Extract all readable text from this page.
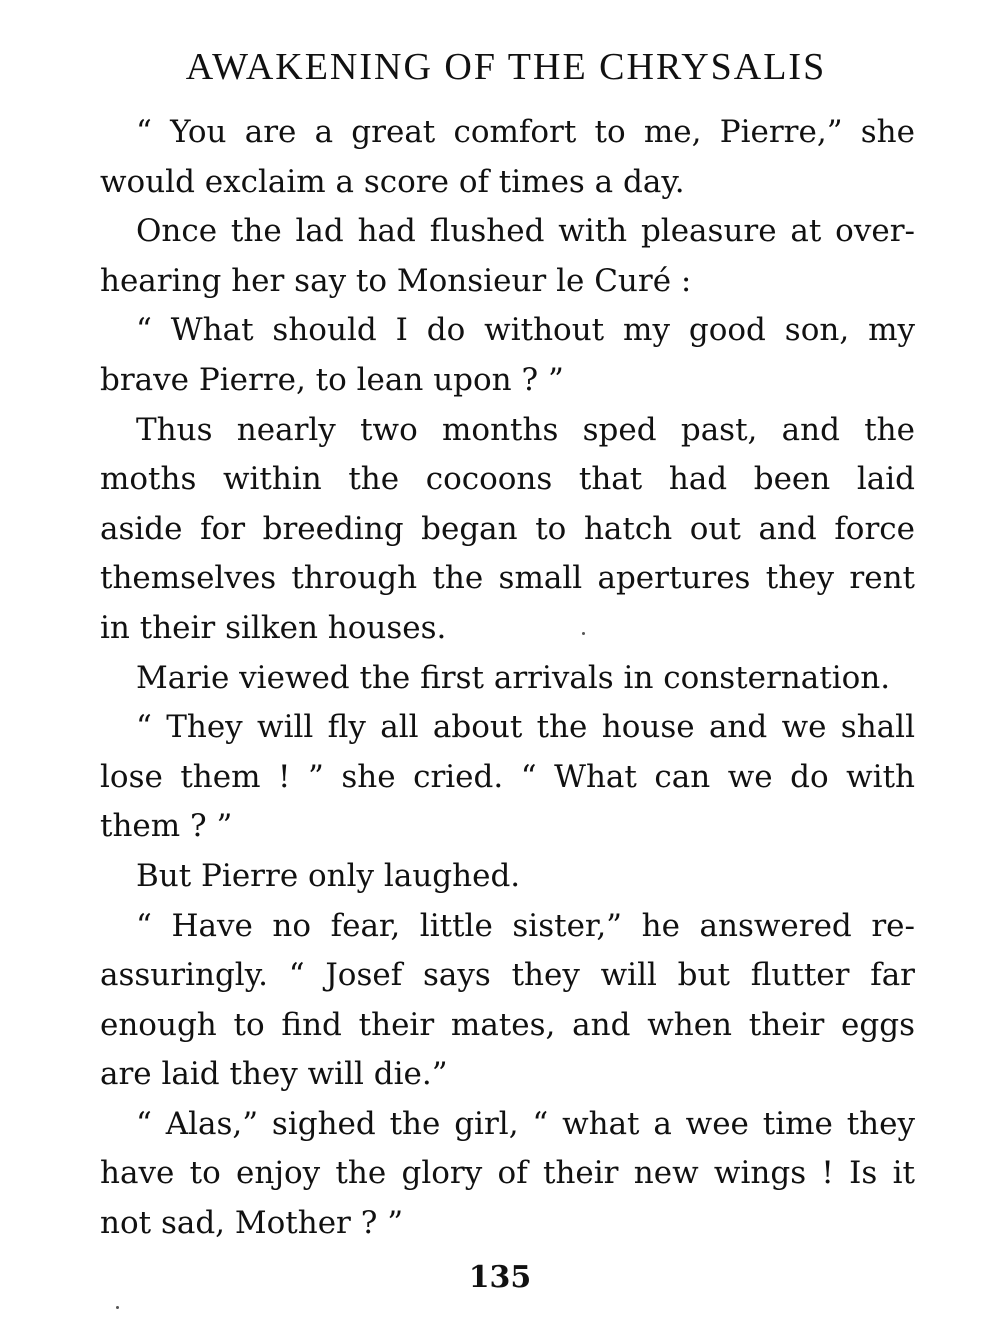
AWAKENING OF THE CHRYSALIS
“ You are a great comfort to me, Pierre,” she
would exclaim a score of times a day.
Once the lad had flushed with pleasure at over-
hearing her say to Monsieur le Curé :
“ What should I do without my good son, my
brave Pierre, to lean upon ? ”
Thus nearly two months sped past, and the
moths within the cocoons that had been laid
aside for breeding began to hatch out and force
themselves through the small apertures they rent
in their silken houses.
Marie viewed the first arrivals in consternation.
“ They will fly all about the house and we shall
lose them ! ” she cried. “ What can we do with
them ? ”
But Pierre only laughed.
“ Have no fear, little sister,” he answered re-
assuringly. “ Josef says they will but flutter far
enough to find their mates, and when their eggs
are laid they will die.”
“ Alas,” sighed the girl, “ what a wee time they
have to enjoy the glory of their new wings ! Is it
not sad, Mother ? ”
135
